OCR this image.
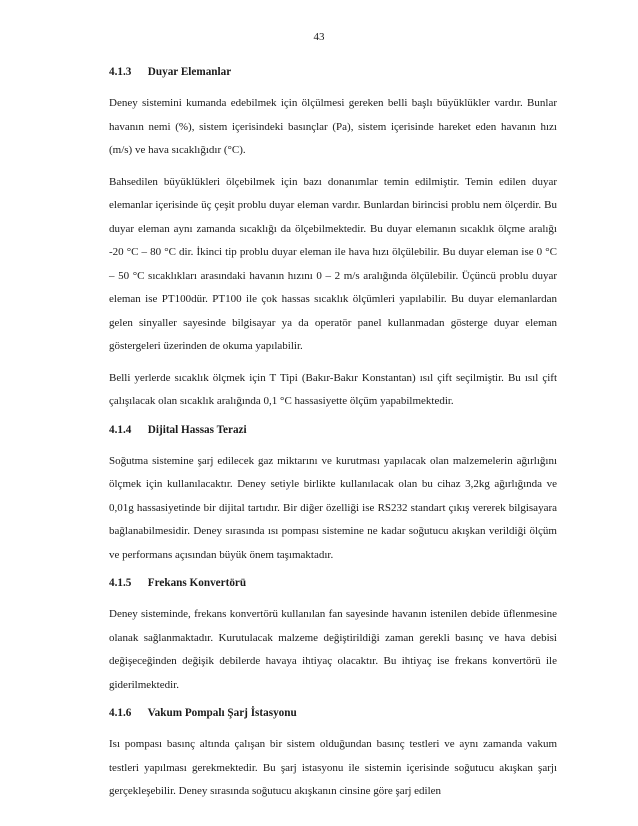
43
4.1.3 Duyar Elemanlar

Deney sistemini kumanda edebilmek için ölçülmesi gereken belli başlı büyüklükler vardır. Bunlar havanın nemi (%), sistem içerisindeki basınçlar (Pa), sistem içerisinde hareket eden havanın hızı (m/s) ve hava sıcaklığıdır (°C).

Bahsedilen büyüklükleri ölçebilmek için bazı donanımlar temin edilmiştir. Temin edilen duyar elemanlar içerisinde üç çeşit problu duyar eleman vardır. Bunlardan birincisi problu nem ölçerdir. Bu duyar eleman aynı zamanda sıcaklığı da ölçebilmektedir. Bu duyar elemanın sıcaklık ölçme aralığı -20 °C – 80 °C dir. İkinci tip problu duyar eleman ile hava hızı ölçülebilir. Bu duyar eleman ise 0 °C – 50 °C sıcaklıkları arasındaki havanın hızını 0 – 2 m/s aralığında ölçülebilir. Üçüncü problu duyar eleman ise PT100dür. PT100 ile çok hassas sıcaklık ölçümleri yapılabilir. Bu duyar elemanlardan gelen sinyaller sayesinde bilgisayar ya da operatör panel kullanmadan gösterge duyar eleman göstergeleri üzerinden de okuma yapılabilir.

Belli yerlerde sıcaklık ölçmek için T Tipi (Bakır-Bakır Konstantan) ısıl çift seçilmiştir. Bu ısıl çift çalışılacak olan sıcaklık aralığında 0,1 °C hassasiyette ölçüm yapabilmektedir.

4.1.4 Dijital Hassas Terazi

Soğutma sistemine şarj edilecek gaz miktarını ve kurutması yapılacak olan malzemelerin ağırlığını ölçmek için kullanılacaktır. Deney setiyle birlikte kullanılacak olan bu cihaz 3,2kg ağırlığında ve 0,01g hassasiyetinde bir dijital tartıdır. Bir diğer özelliği ise RS232 standart çıkış vererek bilgisayara bağlanabilmesidir. Deney sırasında ısı pompası sistemine ne kadar soğutucu akışkan verildiği ölçüm ve performans açısından büyük önem taşımaktadır.

4.1.5 Frekans Konvertörü

Deney sisteminde, frekans konvertörü kullanılan fan sayesinde havanın istenilen debide üflenmesine olanak sağlanmaktadır. Kurutulacak malzeme değiştirildiği zaman gerekli basınç ve hava debisi değişeceğinden değişik debilerde havaya ihtiyaç olacaktır. Bu ihtiyaç ise frekans konvertörü ile giderilmektedir.

4.1.6 Vakum Pompalı Şarj İstasyonu

Isı pompası basınç altında çalışan bir sistem olduğundan basınç testleri ve aynı zamanda vakum testleri yapılması gerekmektedir. Bu şarj istasyonu ile sistemin içerisinde soğutucu akışkan şarjı gerçekleşebilir. Deney sırasında soğutucu akışkanın cinsine göre şarj edilen
